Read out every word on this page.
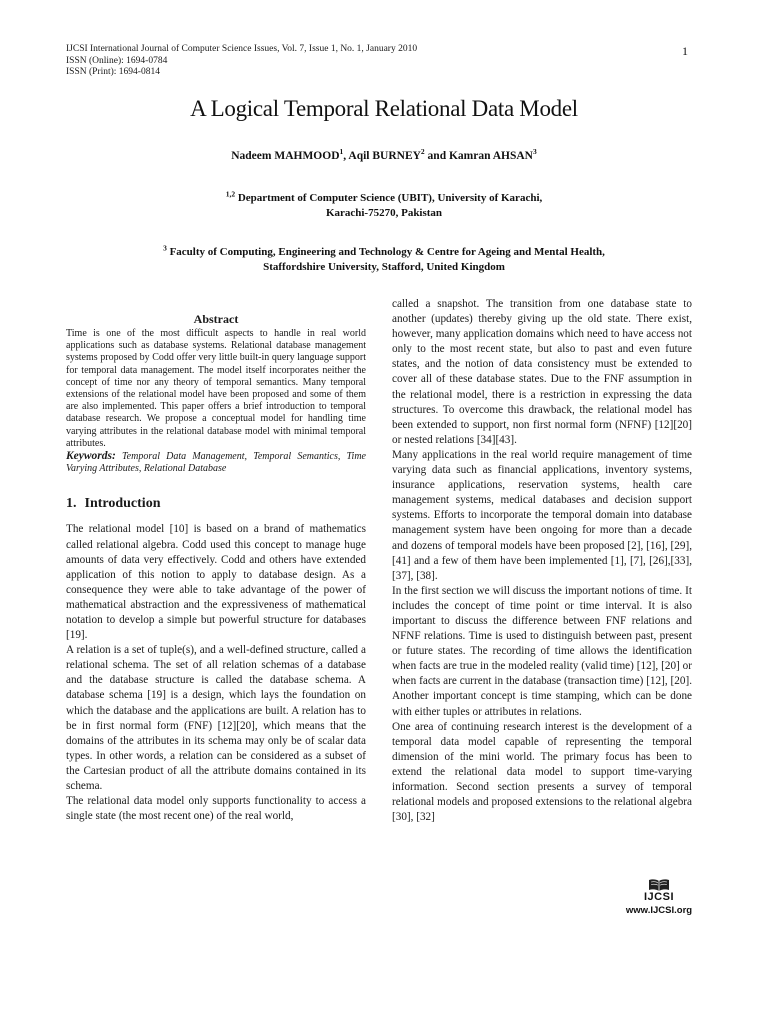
IJCSI International Journal of Computer Science Issues, Vol. 7, Issue 1, No. 1, January 2010
ISSN (Online): 1694-0784
ISSN (Print): 1694-0814
1
A Logical Temporal Relational Data Model
Nadeem MAHMOOD$^1$, Aqil BURNEY$^2$ and Kamran AHSAN$^3$
$^{1,2}$ Department of Computer Science (UBIT), University of Karachi,
Karachi-75270, Pakistan
$^3$ Faculty of Computing, Engineering and Technology & Centre for Ageing and Mental Health,
Staffordshire University, Stafford, United Kingdom
Abstract

Time is one of the most difficult aspects to handle in real world applications such as database systems. Relational database management systems proposed by Codd offer very little built-in query language support for temporal data management. The model itself incorporates neither the concept of time nor any theory of temporal semantics. Many temporal extensions of the relational model have been proposed and some of them are also implemented. This paper offers a brief introduction to temporal database research. We propose a conceptual model for handling time varying attributes in the relational database model with minimal temporal attributes.

Keywords: Temporal Data Management, Temporal Semantics, Time Varying Attributes, Relational Database

1. Introduction

The relational model [10] is based on a brand of mathematics called relational algebra. Codd used this concept to manage huge amounts of data very effectively. Codd and others have extended application of this notion to apply to database design. As a consequence they were able to take advantage of the power of mathematical abstraction and the expressiveness of mathematical notation to develop a simple but powerful structure for databases [19].

A relation is a set of tuple(s), and a well-defined structure, called a relational schema. The set of all relation schemas of a database and the database structure is called the database schema. A database schema [19] is a design, which lays the foundation on which the database and the applications are built. A relation has to be in first normal form (FNF) [12][20], which means that the domains of the attributes in its schema may only be of scalar data types. In other words, a relation can be considered as a subset of the Cartesian product of all the attribute domains contained in its schema.

The relational data model only supports functionality to access a single state (the most recent one) of the real world,

called a snapshot. The transition from one database state to another (updates) thereby giving up the old state. There exist, however, many application domains which need to have access not only to the most recent state, but also to past and even future states, and the notion of data consistency must be extended to cover all of these database states. Due to the FNF assumption in the relational model, there is a restriction in expressing the data structures. To overcome this drawback, the relational model has been extended to support, non first normal form (NFNF) [12][20] or nested relations [34][43].

Many applications in the real world require management of time varying data such as financial applications, inventory systems, insurance applications, reservation systems, health care management systems, medical databases and decision support systems. Efforts to incorporate the temporal domain into database management system have been ongoing for more than a decade and dozens of temporal models have been proposed [2], [16], [29], [41] and a few of them have been implemented [1], [7], [26],[33], [37], [38].

In the first section we will discuss the important notions of time. It includes the concept of time point or time interval. It is also important to discuss the difference between FNF relations and NFNF relations. Time is used to distinguish between past, present or future states. The recording of time allows the identification when facts are true in the modeled reality (valid time) [12], [20] or when facts are current in the database (transaction time) [12], [20]. Another important concept is time stamping, which can be done with either tuples or attributes in relations.

One area of continuing research interest is the development of a temporal data model capable of representing the temporal dimension of the mini world. The primary focus has been to extend the relational data model to support time-varying information. Second section presents a survey of temporal relational models and proposed extensions to the relational algebra [30], [32]

IJCSI
www.IJCSI.org
